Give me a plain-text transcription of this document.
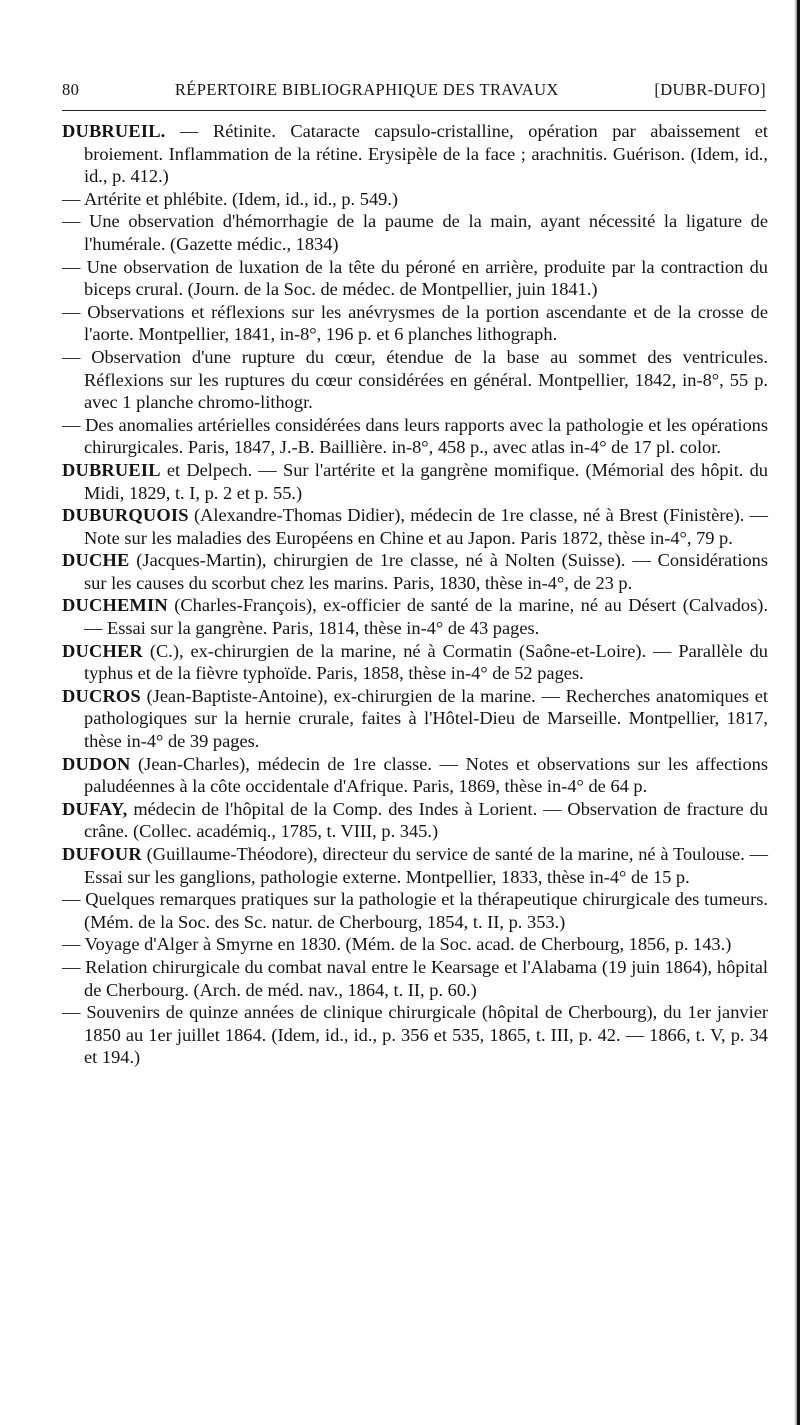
80	RÉPERTOIRE BIBLIOGRAPHIQUE DES TRAVAUX	[DUBR-DUFO]

DUBRUEIL. — Rétinite. Cataracte capsulo-cristalline, opération par abaissement et broiement. Inflammation de la rétine. Erysipèle de la face ; arachnitis. Guérison. (Idem, id., id., p. 412.)

— Artérite et phlébite. (Idem, id., id., p. 549.)

— Une observation d'hémorrhagie de la paume de la main, ayant nécessité la ligature de l'humérale. (Gazette médic., 1834)

— Une observation de luxation de la tête du péroné en arrière, produite par la contraction du biceps crural. (Journ. de la Soc. de médec. de Montpellier, juin 1841.)

— Observations et réflexions sur les anévrysmes de la portion ascendante et de la crosse de l'aorte. Montpellier, 1841, in-8°, 196 p. et 6 planches lithograph.

— Observation d'une rupture du cœur, étendue de la base au sommet des ventricules. Réflexions sur les ruptures du cœur considérées en général. Montpellier, 1842, in-8°, 55 p. avec 1 planche chromo-lithogr.

— Des anomalies artérielles considérées dans leurs rapports avec la pathologie et les opérations chirurgicales. Paris, 1847, J.-B. Baillière. in-8°, 458 p., avec atlas in-4° de 17 pl. color.

DUBRUEIL et Delpech. — Sur l'artérite et la gangrène momifique. (Mémorial des hôpit. du Midi, 1829, t. I, p. 2 et p. 55.)

DUBURQUOIS (Alexandre-Thomas Didier), médecin de 1re classe, né à Brest (Finistère). — Note sur les maladies des Européens en Chine et au Japon. Paris 1872, thèse in-4°, 79 p.

DUCHE (Jacques-Martin), chirurgien de 1re classe, né à Nolten (Suisse). — Considérations sur les causes du scorbut chez les marins. Paris, 1830, thèse in-4°, de 23 p.

DUCHEMIN (Charles-François), ex-officier de santé de la marine, né au Désert (Calvados). — Essai sur la gangrène. Paris, 1814, thèse in-4° de 43 pages.

DUCHER (C.), ex-chirurgien de la marine, né à Cormatin (Saône-et-Loire). — Parallèle du typhus et de la fièvre typhoïde. Paris, 1858, thèse in-4° de 52 pages.

DUCROS (Jean-Baptiste-Antoine), ex-chirurgien de la marine. — Recherches anatomiques et pathologiques sur la hernie crurale, faites à l'Hôtel-Dieu de Marseille. Montpellier, 1817, thèse in-4° de 39 pages.

DUDON (Jean-Charles), médecin de 1re classe. — Notes et observations sur les affections paludéennes à la côte occidentale d'Afrique. Paris, 1869, thèse in-4° de 64 p.

DUFAY, médecin de l'hôpital de la Comp. des Indes à Lorient. — Observation de fracture du crâne. (Collec. académiq., 1785, t. VIII, p. 345.)

DUFOUR (Guillaume-Théodore), directeur du service de santé de la marine, né à Toulouse. — Essai sur les ganglions, pathologie externe. Montpellier, 1833, thèse in-4° de 15 p.

— Quelques remarques pratiques sur la pathologie et la thérapeutique chirurgicale des tumeurs. (Mém. de la Soc. des Sc. natur. de Cherbourg, 1854, t. II, p. 353.)

— Voyage d'Alger à Smyrne en 1830. (Mém. de la Soc. acad. de Cherbourg, 1856, p. 143.)

— Relation chirurgicale du combat naval entre le Kearsage et l'Alabama (19 juin 1864), hôpital de Cherbourg. (Arch. de méd. nav., 1864, t. II, p. 60.)

— Souvenirs de quinze années de clinique chirurgicale (hôpital de Cherbourg), du 1er janvier 1850 au 1er juillet 1864. (Idem, id., id., p. 356 et 535, 1865, t. III, p. 42. — 1866, t. V, p. 34 et 194.)
